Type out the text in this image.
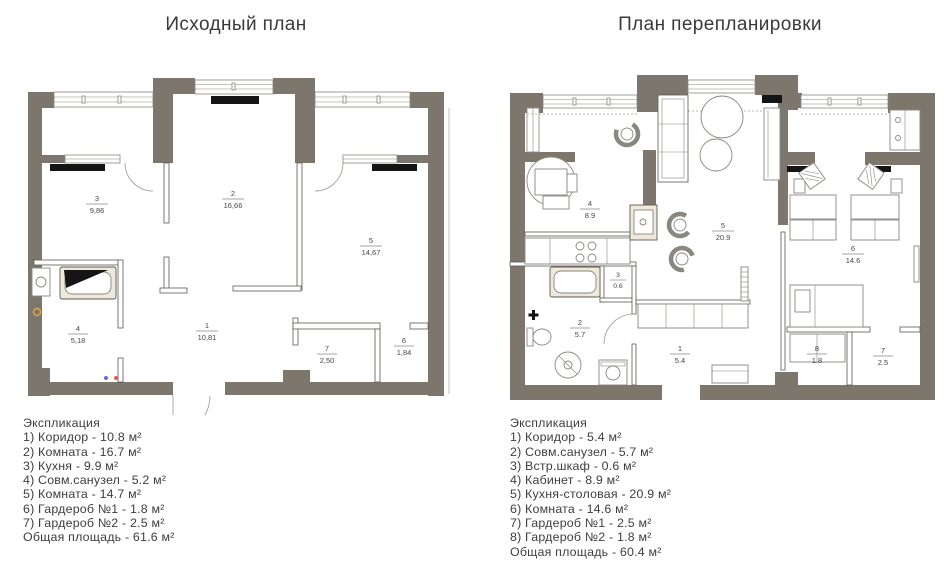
Исходный план	План перепланировки
3
9,86
2
16,66
5
14,67
4
5,18
1
10,81
7
2,50
6
1,84
4
8.9
5
20.9
6
14.6
3
0.6
2
5.7
1
5.4
8
1.8
7
2.5
Экспликация
1) Коридор - 10.8 м²
2) Комната - 16.7 м²
3) Кухня - 9.9 м²
4) Совм.санузел - 5.2 м²
5) Комната - 14.7 м²
6) Гардероб №1 - 1.8 м²
7) Гардероб №2 - 2.5 м²
Общая площадь - 61.6 м²
Экспликация
1) Коридор - 5.4 м²
2) Совм.санузел - 5.7 м²
3) Встр.шкаф - 0.6 м²
4) Кабинет - 8.9 м²
5) Кухня-столовая - 20.9 м²
6) Комната - 14.6 м²
7) Гардероб №1 - 2.5 м²
8) Гардероб №2 - 1.8 м²
Общая площадь - 60.4 м²
